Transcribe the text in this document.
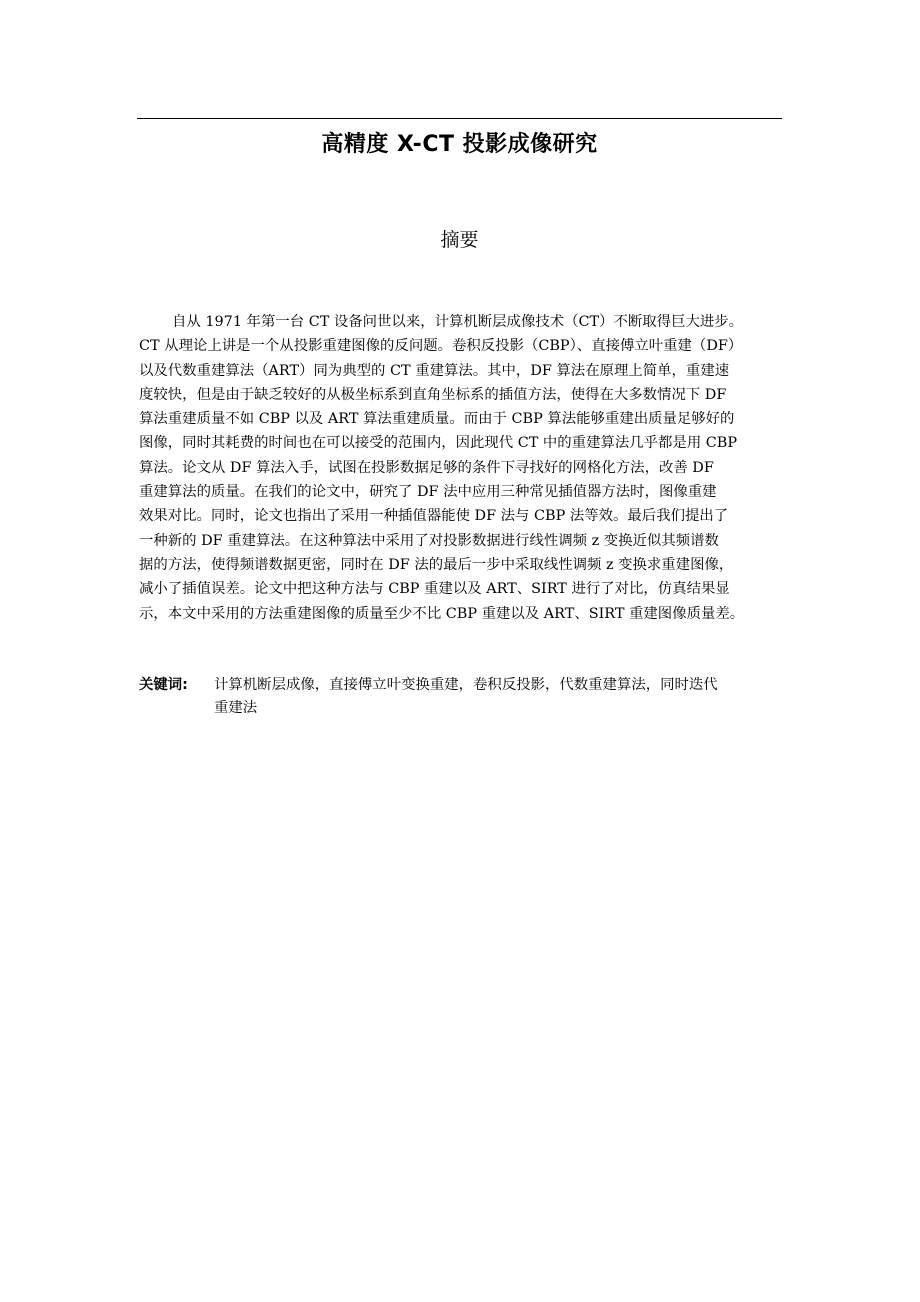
高精度 X-CT 投影成像研究
摘要
自从 1971 年第一台 CT 设备问世以来，计算机断层成像技术（CT）不断取得巨大进步。
CT 从理论上讲是一个从投影重建图像的反问题。卷积反投影（CBP）、直接傅立叶重建（DF）
以及代数重建算法（ART）同为典型的 CT 重建算法。其中，DF 算法在原理上简单，重建速
度较快，但是由于缺乏较好的从极坐标系到直角坐标系的插值方法，使得在大多数情况下 DF
算法重建质量不如 CBP 以及 ART 算法重建质量。而由于 CBP 算法能够重建出质量足够好的
图像，同时其耗费的时间也在可以接受的范围内，因此现代 CT 中的重建算法几乎都是用 CBP
算法。论文从 DF 算法入手，试图在投影数据足够的条件下寻找好的网格化方法，改善 DF
重建算法的质量。在我们的论文中，研究了 DF 法中应用三种常见插值器方法时，图像重建
效果对比。同时，论文也指出了采用一种插值器能使 DF 法与 CBP 法等效。最后我们提出了
一种新的 DF 重建算法。在这种算法中采用了对投影数据进行线性调频 z 变换近似其频谱数
据的方法，使得频谱数据更密，同时在 DF 法的最后一步中采取线性调频 z 变换求重建图像，
减小了插值误差。论文中把这种方法与 CBP 重建以及 ART、SIRT 进行了对比，仿真结果显
示，本文中采用的方法重建图像的质量至少不比 CBP 重建以及 ART、SIRT 重建图像质量差。
关键词:	计算机断层成像，直接傅立叶变换重建，卷积反投影，代数重建算法，同时迭代
重建法
